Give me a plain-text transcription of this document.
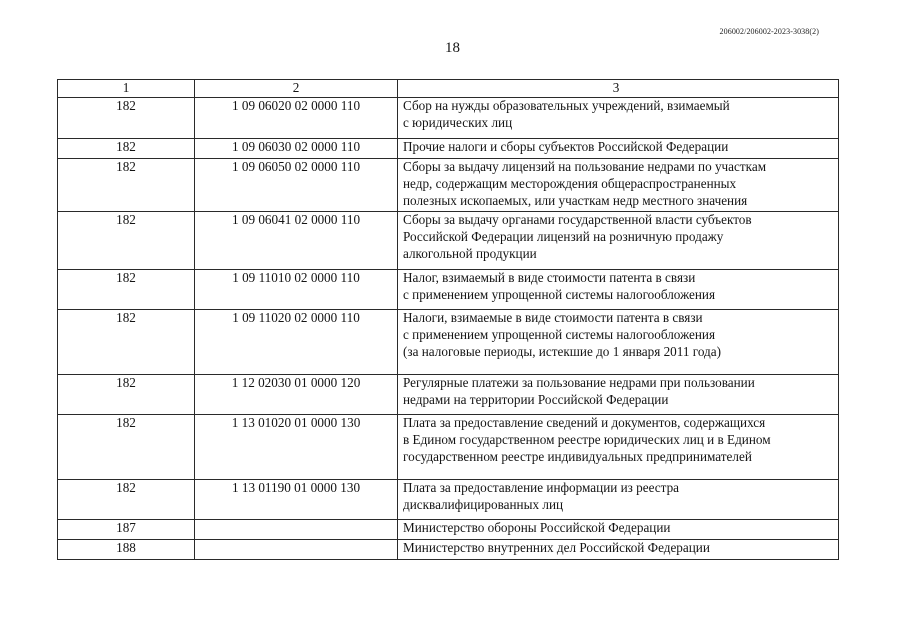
206002/206002-2023-3038(2)
18
1	2	3
182	1 09 06020 02 0000 110	Сбор на нужды образовательных учреждений, взимаемый
с юридических лиц
182	1 09 06030 02 0000 110	Прочие налоги и сборы субъектов Российской Федерации
182	1 09 06050 02 0000 110	Сборы за выдачу лицензий на пользование недрами по участкам
недр, содержащим месторождения общераспространенных
полезных ископаемых, или участкам недр местного значения
182	1 09 06041 02 0000 110	Сборы за выдачу органами государственной власти субъектов
Российской Федерации лицензий на розничную продажу
алкогольной продукции
182	1 09 11010 02 0000 110	Налог, взимаемый в виде стоимости патента в связи
с применением упрощенной системы налогообложения
182	1 09 11020 02 0000 110	Налоги, взимаемые в виде стоимости патента в связи
с применением упрощенной системы налогообложения
(за налоговые периоды, истекшие до 1 января 2011 года)
182	1 12 02030 01 0000 120	Регулярные платежи за пользование недрами при пользовании
недрами на территории Российской Федерации
182	1 13 01020 01 0000 130	Плата за предоставление сведений и документов, содержащихся
в Едином государственном реестре юридических лиц и в Едином
государственном реестре индивидуальных предпринимателей
182	1 13 01190 01 0000 130	Плата за предоставление информации из реестра
дисквалифицированных лиц
187		Министерство обороны Российской Федерации
188		Министерство внутренних дел Российской Федерации
